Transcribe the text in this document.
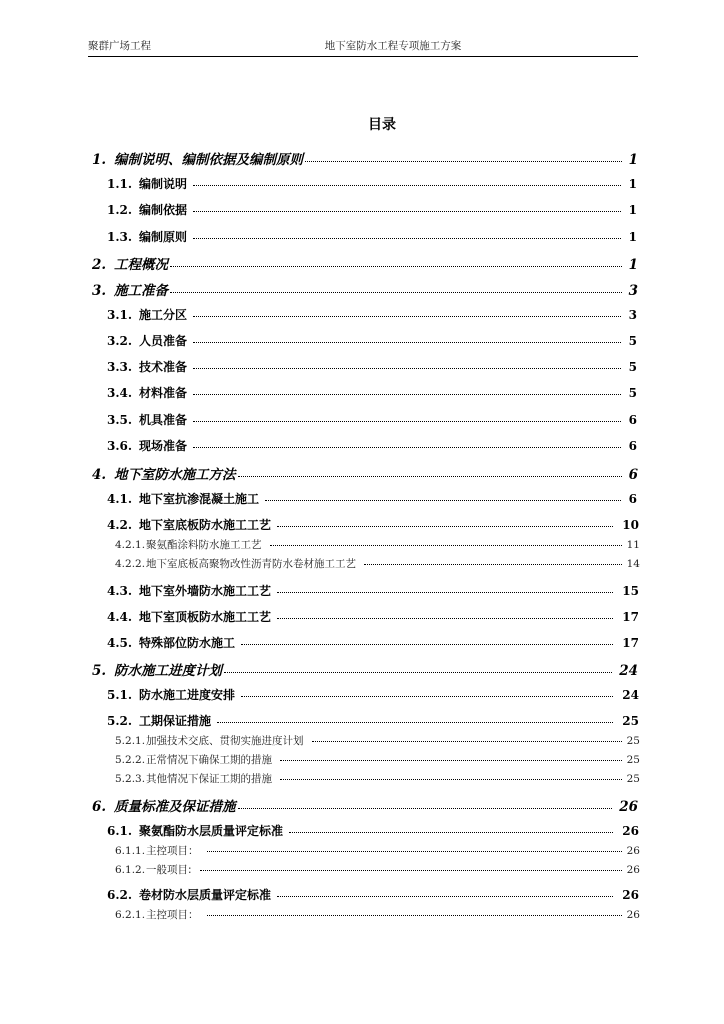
聚群广场工程	地下室防水工程专项施工方案
目录
1. 编制说明、编制依据及编制原则	1
1.1. 编制说明	1
1.2. 编制依据	1
1.3. 编制原则	1
2. 工程概况	1
3. 施工准备	3
3.1. 施工分区	3
3.2. 人员准备	5
3.3. 技术准备	5
3.4. 材料准备	5
3.5. 机具准备	6
3.6. 现场准备	6
4. 地下室防水施工方法	6
4.1. 地下室抗渗混凝土施工	6
4.2. 地下室底板防水施工工艺	10
4.2.1. 聚氨酯涂料防水施工工艺	11
4.2.2. 地下室底板高聚物改性沥青防水卷材施工工艺	14
4.3. 地下室外墙防水施工工艺	15
4.4. 地下室顶板防水施工工艺	17
4.5. 特殊部位防水施工	17
5. 防水施工进度计划	24
5.1. 防水施工进度安排	24
5.2. 工期保证措施	25
5.2.1. 加强技术交底、贯彻实施进度计划	25
5.2.2. 正常情况下确保工期的措施	25
5.2.3. 其他情况下保证工期的措施	25
6. 质量标准及保证措施	26
6.1. 聚氨酯防水层质量评定标准	26
6.1.1. 主控项目：	26
6.1.2. 一般项目:	26
6.2. 卷材防水层质量评定标准	26
6.2.1. 主控项目：	26
